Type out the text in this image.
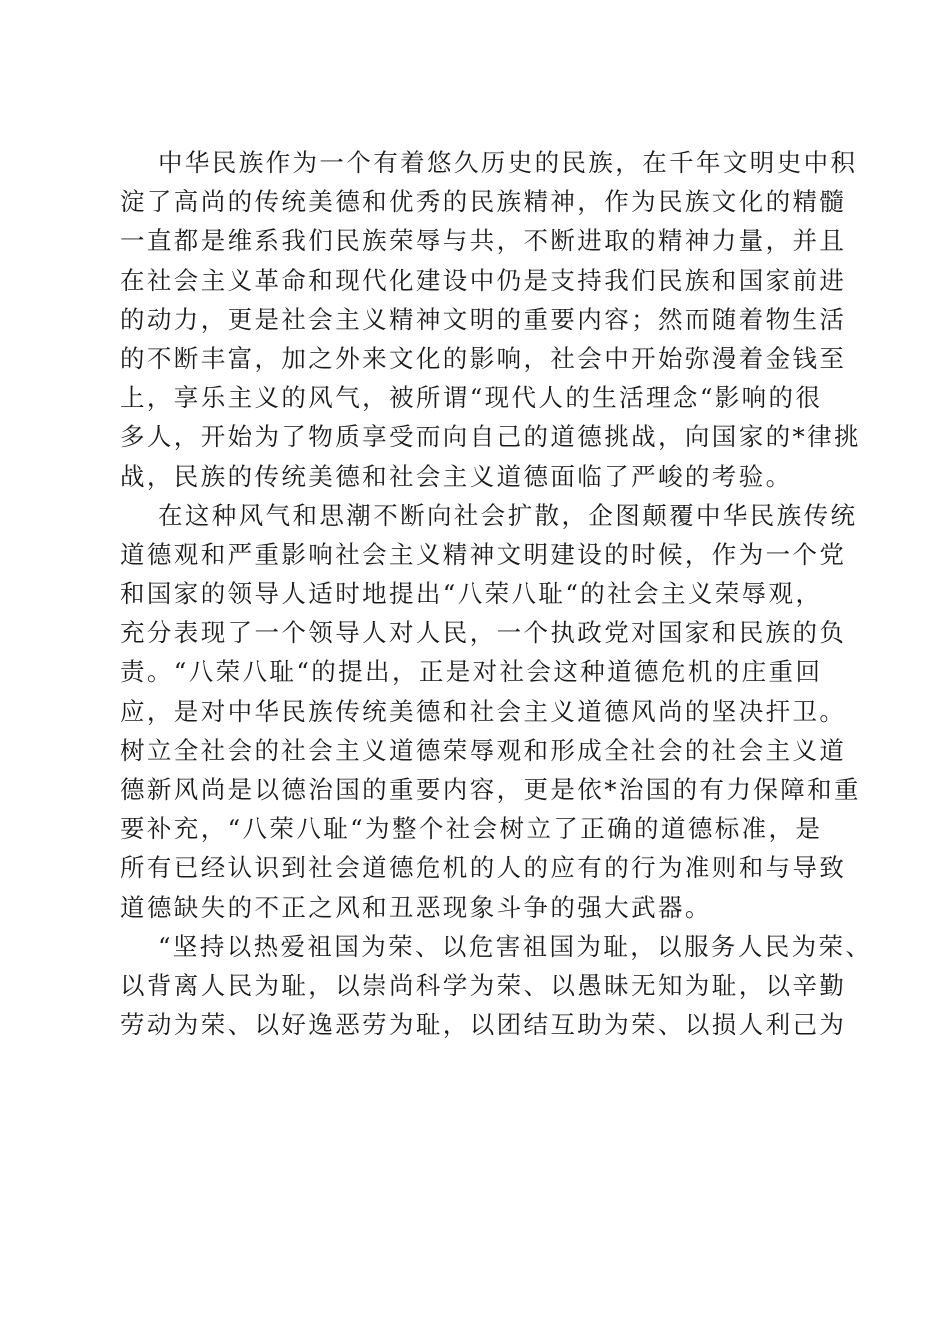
中华民族作为一个有着悠久历史的民族，在千年文明史中积
淀了高尚的传统美德和优秀的民族精神，作为民族文化的精髓
一直都是维系我们民族荣辱与共，不断进取的精神力量，并且
在社会主义革命和现代化建设中仍是支持我们民族和国家前进
的动力，更是社会主义精神文明的重要内容；然而随着物生活
的不断丰富，加之外来文化的影响，社会中开始弥漫着金钱至
上，享乐主义的风气，被所谓“现代人的生活理念“影响的很
多人，开始为了物质享受而向自己的道德挑战，向国家的*律挑
战，民族的传统美德和社会主义道德面临了严峻的考验。
在这种风气和思潮不断向社会扩散，企图颠覆中华民族传统
道德观和严重影响社会主义精神文明建设的时候，作为一个党
和国家的领导人适时地提出“八荣八耻“的社会主义荣辱观，
充分表现了一个领导人对人民，一个执政党对国家和民族的负
责。“八荣八耻“的提出，正是对社会这种道德危机的庄重回
应，是对中华民族传统美德和社会主义道德风尚的坚决扞卫。
树立全社会的社会主义道德荣辱观和形成全社会的社会主义道
德新风尚是以德治国的重要内容，更是依*治国的有力保障和重
要补充，“八荣八耻“为整个社会树立了正确的道德标准，是
所有已经认识到社会道德危机的人的应有的行为准则和与导致
道德缺失的不正之风和丑恶现象斗争的强大武器。
“坚持以热爱祖国为荣、以危害祖国为耻，以服务人民为荣、
以背离人民为耻，以崇尚科学为荣、以愚昧无知为耻，以辛勤
劳动为荣、以好逸恶劳为耻，以团结互助为荣、以损人利己为
